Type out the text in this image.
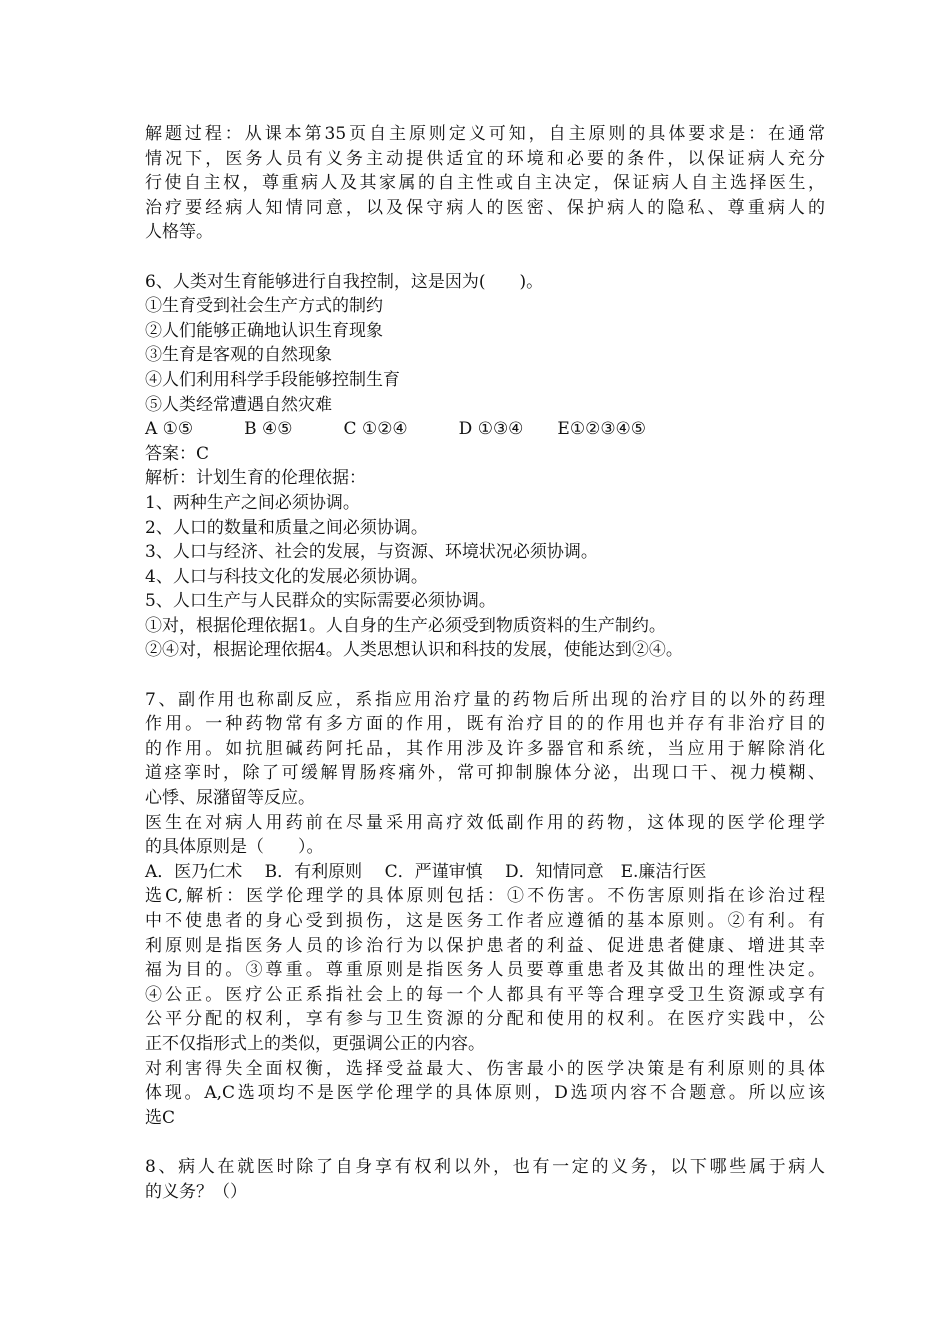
解题过程：从课本第35页自主原则定义可知，自主原则的具体要求是：在通常
情况下，医务人员有义务主动提供适宜的环境和必要的条件，以保证病人充分
行使自主权，尊重病人及其家属的自主性或自主决定，保证病人自主选择医生，
治疗要经病人知情同意，以及保守病人的医密、保护病人的隐私、尊重病人的
人格等。
6、人类对生育能够进行自我控制，这是因为(　　)。
①生育受到社会生产方式的制约
②人们能够正确地认识生育现象
③生育是客观的自然现象
④人们利用科学手段能够控制生育
⑤人类经常遭遇自然灾难
A ①⑤　　　B ④⑤　　　C ①②④　　　D ①③④　　E①②③④⑤
答案：C
解析：计划生育的伦理依据：
1、两种生产之间必须协调。
2、人口的数量和质量之间必须协调。
3、人口与经济、社会的发展，与资源、环境状况必须协调。
4、人口与科技文化的发展必须协调。
5、人口生产与人民群众的实际需要必须协调。
①对，根据伦理依据1。人自身的生产必须受到物质资料的生产制约。
②④对，根据论理依据4。人类思想认识和科技的发展，使能达到②④。
7、副作用也称副反应，系指应用治疗量的药物后所出现的治疗目的以外的药理
作用。一种药物常有多方面的作用，既有治疗目的的作用也并存有非治疗目的
的作用。如抗胆碱药阿托品，其作用涉及许多器官和系统，当应用于解除消化
道痉挛时，除了可缓解胃肠疼痛外，常可抑制腺体分泌，出现口干、视力模糊、
心悸、尿潴留等反应。
医生在对病人用药前在尽量采用高疗效低副作用的药物，这体现的医学伦理学
的具体原则是（　　）。
A．医乃仁术　 B．有利原则　 C．严谨审慎　 D．知情同意　E.廉洁行医
选C,解析：医学伦理学的具体原则包括：①不伤害。不伤害原则指在诊治过程
中不使患者的身心受到损伤，这是医务工作者应遵循的基本原则。②有利。有
利原则是指医务人员的诊治行为以保护患者的利益、促进患者健康、增进其幸
福为目的。③尊重。尊重原则是指医务人员要尊重患者及其做出的理性决定。
④公正。医疗公正系指社会上的每一个人都具有平等合理享受卫生资源或享有
公平分配的权利，享有参与卫生资源的分配和使用的权利。在医疗实践中，公
正不仅指形式上的类似，更强调公正的内容。
对利害得失全面权衡，选择受益最大、伤害最小的医学决策是有利原则的具体
体现。A,C选项均不是医学伦理学的具体原则，D选项内容不合题意。所以应该
选C
8、病人在就医时除了自身享有权利以外，也有一定的义务，以下哪些属于病人
的义务？（）
